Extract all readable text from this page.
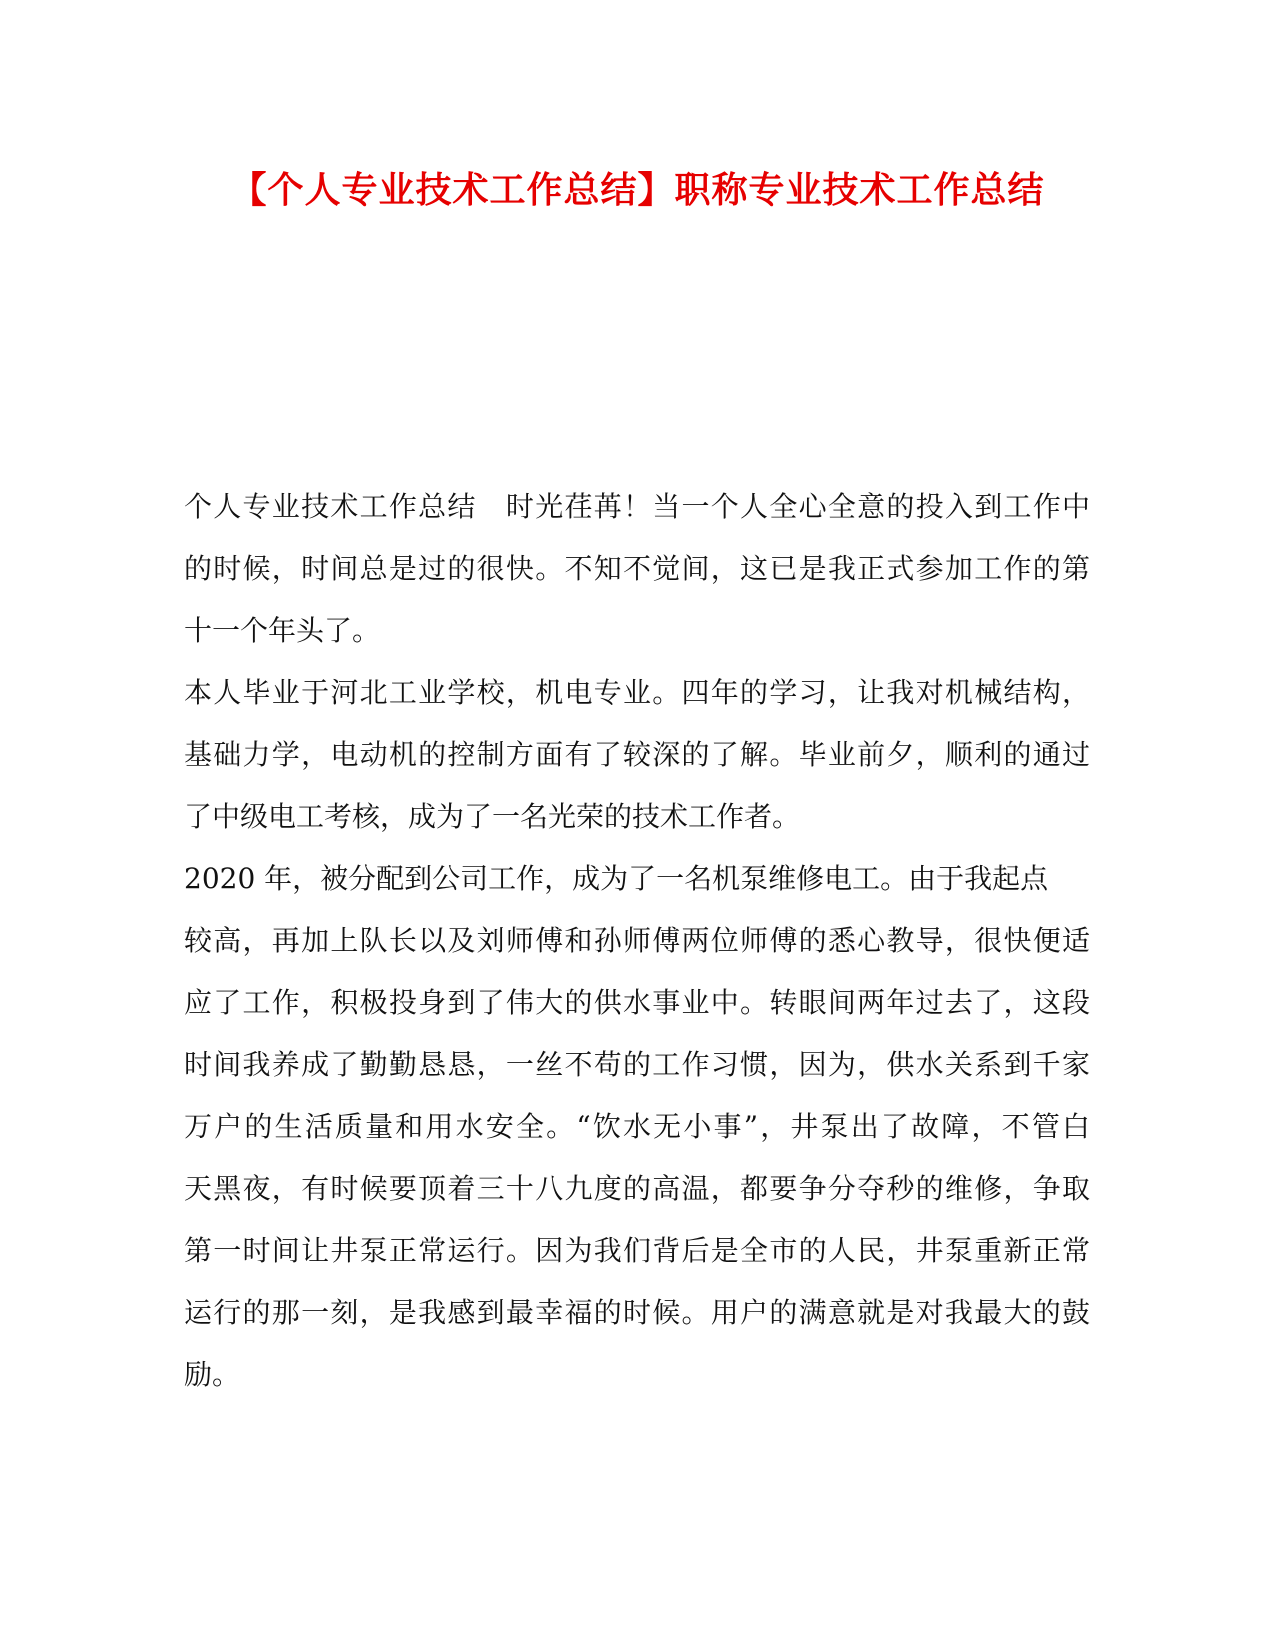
【个人专业技术工作总结】职称专业技术工作总结
个人专业技术工作总结　时光荏苒！当一个人全心全意的投入到工作中
的时候，时间总是过的很快。不知不觉间，这已是我正式参加工作的第
十一个年头了。
本人毕业于河北工业学校，机电专业。四年的学习，让我对机械结构，
基础力学，电动机的控制方面有了较深的了解。毕业前夕，顺利的通过
了中级电工考核，成为了一名光荣的技术工作者。
2020 年，被分配到公司工作，成为了一名机泵维修电工。由于我起点
较高，再加上队长以及刘师傅和孙师傅两位师傅的悉心教导，很快便适
应了工作，积极投身到了伟大的供水事业中。转眼间两年过去了，这段
时间我养成了勤勤恳恳，一丝不苟的工作习惯，因为，供水关系到千家
万户的生活质量和用水安全。“饮水无小事”，井泵出了故障，不管白
天黑夜，有时候要顶着三十八九度的高温，都要争分夺秒的维修，争取
第一时间让井泵正常运行。因为我们背后是全市的人民，井泵重新正常
运行的那一刻，是我感到最幸福的时候。用户的满意就是对我最大的鼓
励。
